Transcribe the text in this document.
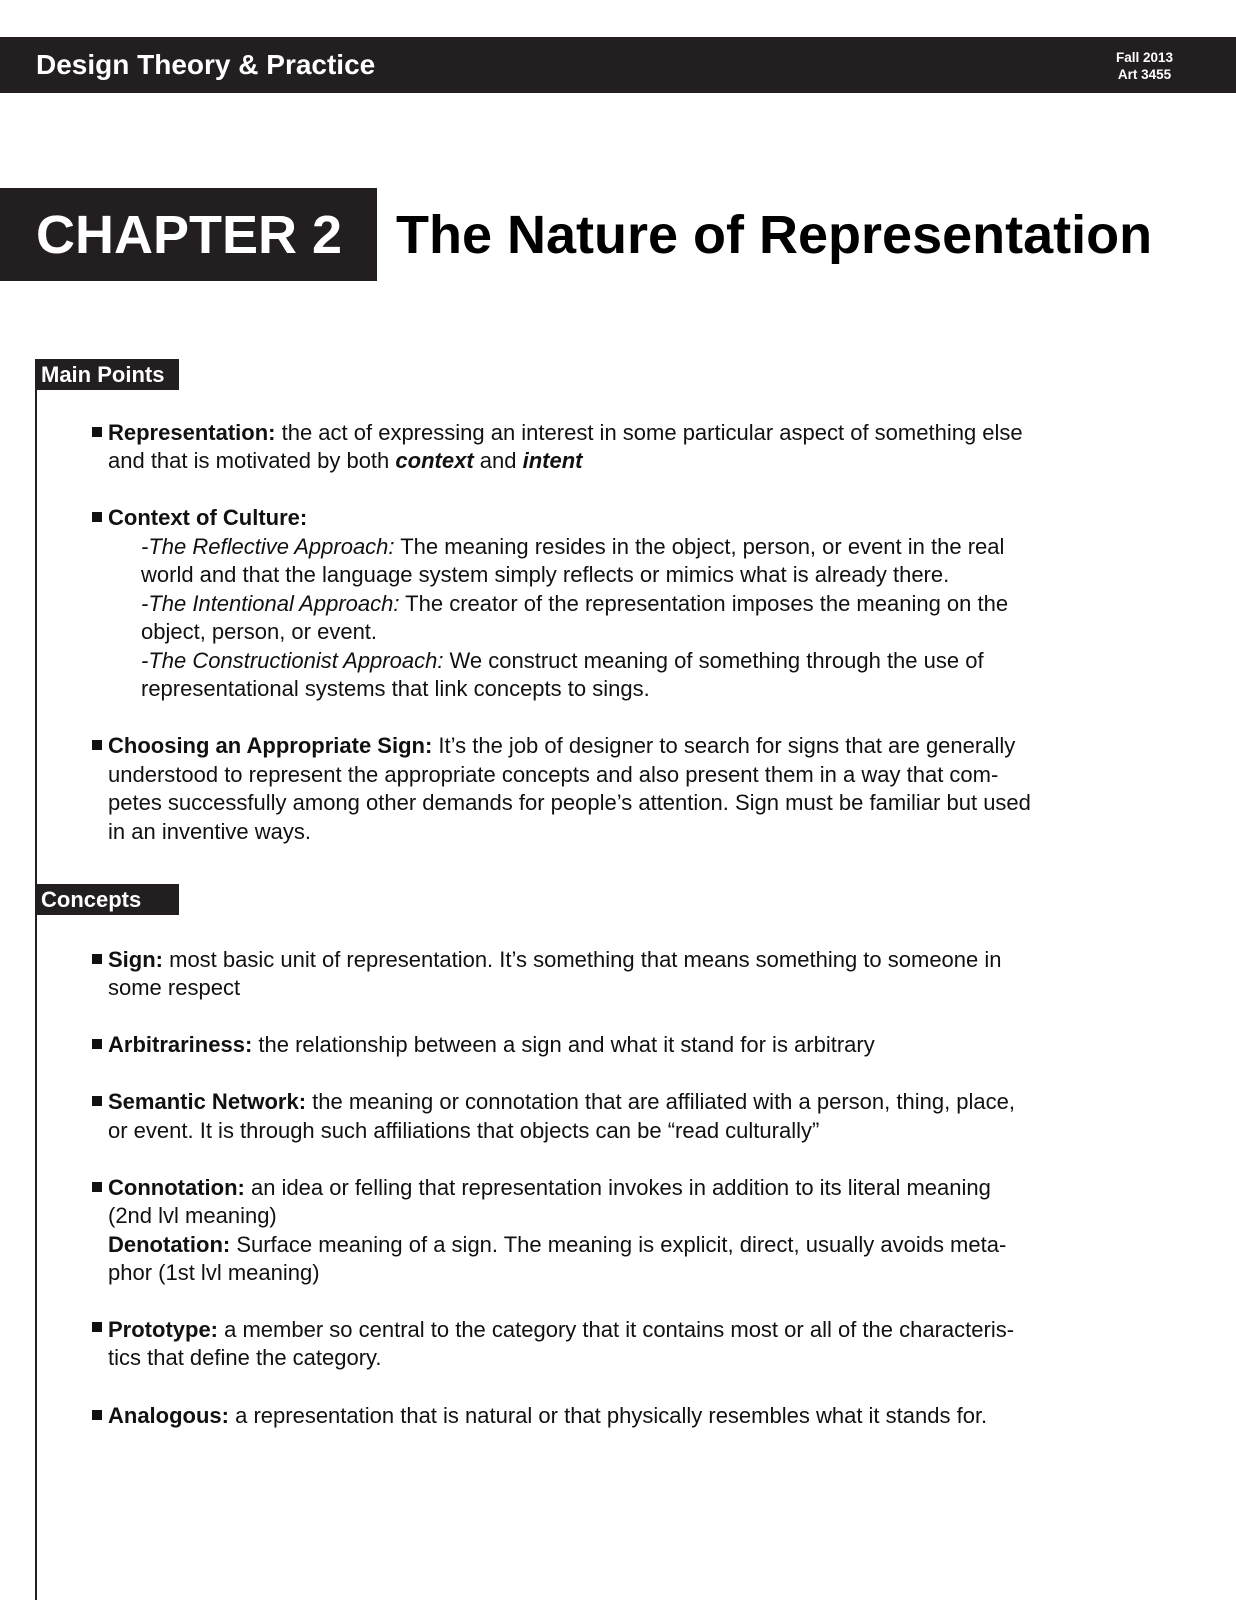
Design Theory & Practice	Fall 2013
Art 3455
CHAPTER 2 The Nature of Representation
Main Points
Representation: the act of expressing an interest in some particular aspect of something else
and that is motivated by both context and intent
Context of Culture:
-The Reflective Approach: The meaning resides in the object, person, or event in the real
world and that the language system simply reflects or mimics what is already there.
-The Intentional Approach: The creator of the representation imposes the meaning on the
object, person, or event.
-The Constructionist Approach: We construct meaning of something through the use of
representational systems that link concepts to sings.
Choosing an Appropriate Sign: It’s the job of designer to search for signs that are generally
understood to represent the appropriate concepts and also present them in a way that com-
petes successfully among other demands for people’s attention. Sign must be familiar but used
in an inventive ways.
Concepts
Sign: most basic unit of representation. It’s something that means something to someone in
some respect
Arbitrariness: the relationship between a sign and what it stand for is arbitrary
Semantic Network: the meaning or connotation that are affiliated with a person, thing, place,
or event. It is through such affiliations that objects can be “read culturally”
Connotation: an idea or felling that representation invokes in addition to its literal meaning
(2nd lvl meaning)
Denotation: Surface meaning of a sign. The meaning is explicit, direct, usually avoids meta-
phor (1st lvl meaning)
Prototype: a member so central to the category that it contains most or all of the characteris-
tics that define the category.
Analogous: a representation that is natural or that physically resembles what it stands for.
